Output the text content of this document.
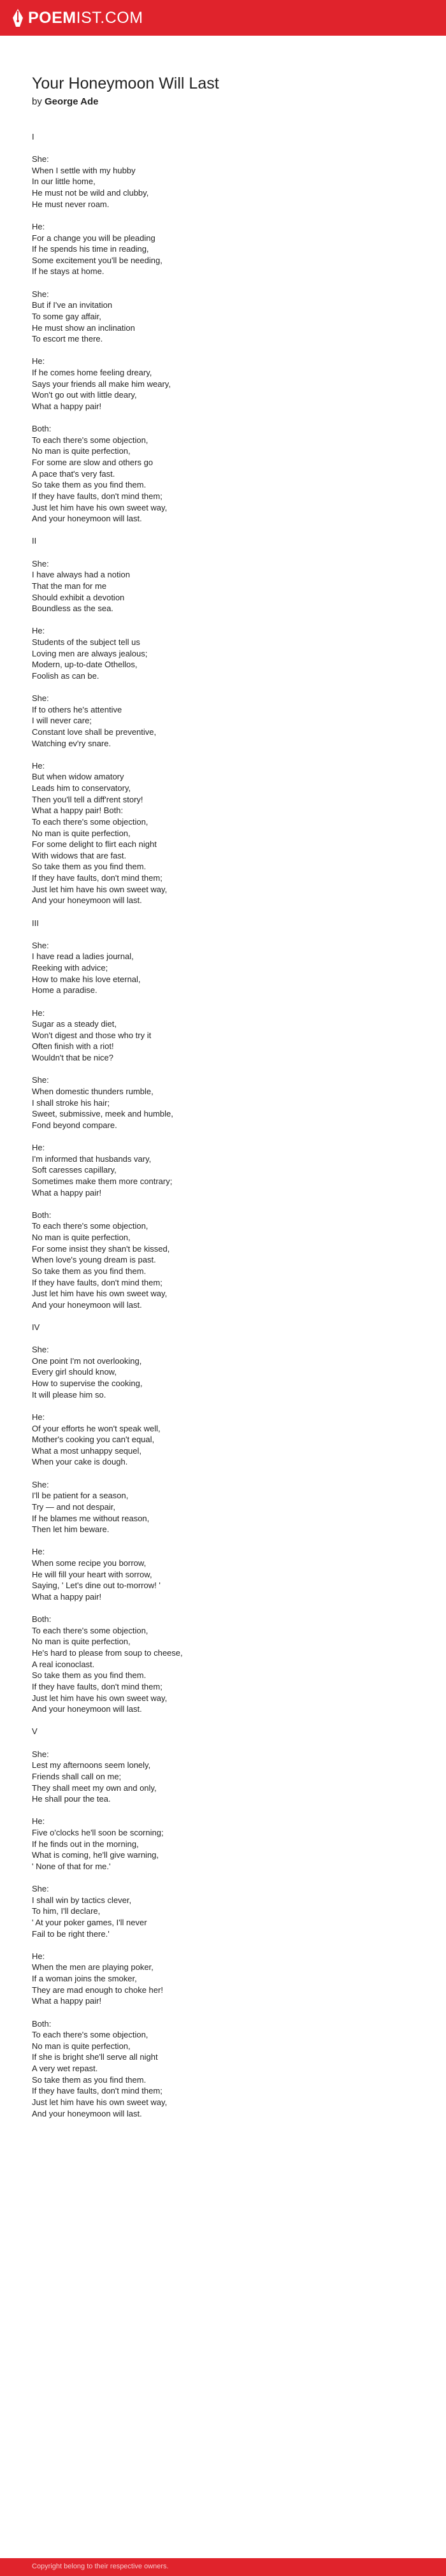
POEMIST.COM
Your Honeymoon Will Last
by George Ade

I

She:
When I settle with my hubby
In our little home,
He must not be wild and clubby,
He must never roam.

He:
For a change you will be pleading
If he spends his time in reading,
Some excitement you'll be needing,
If he stays at home.

She:
But if I've an invitation
To some gay affair,
He must show an inclination
To escort me there.

He:
If he comes home feeling dreary,
Says your friends all make him weary,
Won't go out with little deary,
What a happy pair!

Both:
To each there's some objection,
No man is quite perfection,
For some are slow and others go
A pace that's very fast.
So take them as you find them.
If they have faults, don't mind them;
Just let him have his own sweet way,
And your honeymoon will last.

II

She:
I have always had a notion
That the man for me
Should exhibit a devotion
Boundless as the sea.

He:
Students of the subject tell us
Loving men are always jealous;
Modern, up-to-date Othellos,
Foolish as can be.

She:
If to others he's attentive
I will never care;
Constant love shall be preventive,
Watching ev'ry snare.

He:
But when widow amatory
Leads him to conservatory,
Then you'll tell a diff'rent story!
What a happy pair! Both:
To each there's some objection,
No man is quite perfection,
For some delight to flirt each night
With widows that are fast.
So take them as you find them.
If they have faults, don't mind them;
Just let him have his own sweet way,
And your honeymoon will last.

III

She:
I have read a ladies journal,
Reeking with advice;
How to make his love eternal,
Home a paradise.

He:
Sugar as a steady diet,
Won't digest and those who try it
Often finish with a riot!
Wouldn't that be nice?

She:
When domestic thunders rumble,
I shall stroke his hair;
Sweet, submissive, meek and humble,
Fond beyond compare.

He:
I'm informed that husbands vary,
Soft caresses capillary,
Sometimes make them more contrary;
What a happy pair!

Both:
To each there's some objection,
No man is quite perfection,
For some insist they shan't be kissed,
When love's young dream is past.
So take them as you find them.
If they have faults, don't mind them;
Just let him have his own sweet way,
And your honeymoon will last.

IV

She:
One point I'm not overlooking,
Every girl should know,
How to supervise the cooking,
It will please him so.

He:
Of your efforts he won't speak well,
Mother's cooking you can't equal,
What a most unhappy sequel,
When your cake is dough.

She:
I'll be patient for a season,
Try — and not despair,
If he blames me without reason,
Then let him beware.

He:
When some recipe you borrow,
He will fill your heart with sorrow,
Saying, ' Let's dine out to-morrow! '
What a happy pair!

Both:
To each there's some objection,
No man is quite perfection,
He's hard to please from soup to cheese,
A real iconoclast.
So take them as you find them.
If they have faults, don't mind them;
Just let him have his own sweet way,
And your honeymoon will last.

V

She:
Lest my afternoons seem lonely,
Friends shall call on me;
They shall meet my own and only,
He shall pour the tea.

He:
Five o'clocks he'll soon be scorning;
If he finds out in the morning,
What is coming, he'll give warning,
' None of that for me.'

She:
I shall win by tactics clever,
To him, I'll declare,
' At your poker games, I'll never
Fail to be right there.'

He:
When the men are playing poker,
If a woman joins the smoker,
They are mad enough to choke her!
What a happy pair!

Both:
To each there's some objection,
No man is quite perfection,
If she is bright she'll serve all night
A very wet repast.
So take them as you find them.
If they have faults, don't mind them;
Just let him have his own sweet way,
And your honeymoon will last.

Copyright belong to their respective owners.
